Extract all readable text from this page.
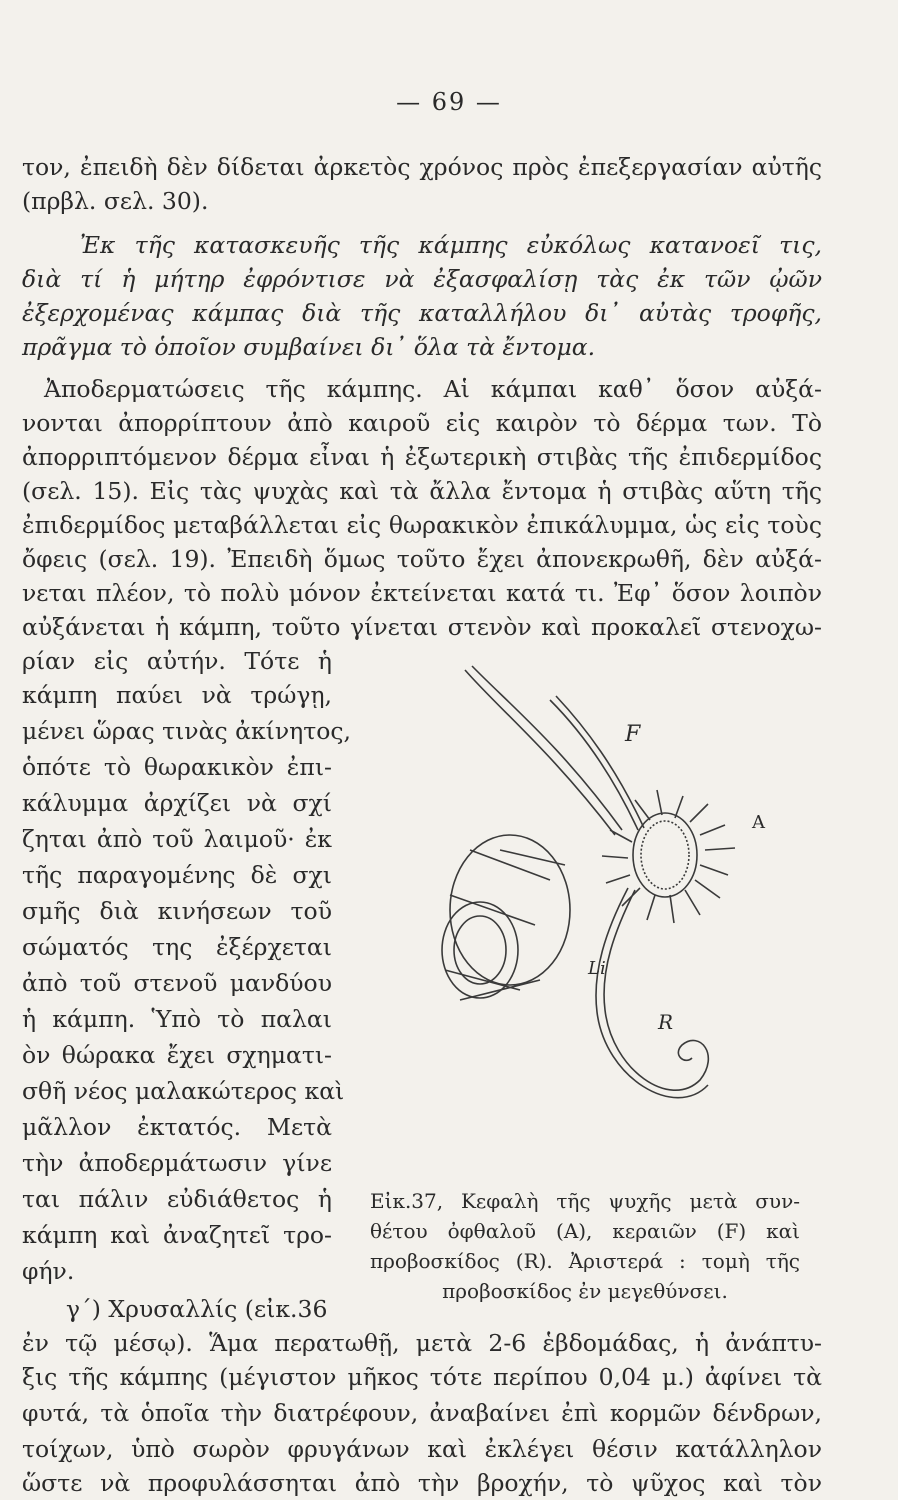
— 69 —
τον, ἐπειδὴ δὲν δίδεται ἀρκετὸς χρόνος πρὸς ἐπεξεργασίαν αὐτῆς
(πρβλ. σελ. 30).
Ἐκ τῆς κατασκευῆς τῆς κάμπης εὐκόλως κατανοεῖ τις,
διὰ τί ἡ μήτηρ ἐφρόντισε νὰ ἐξασφαλίσῃ τὰς ἐκ τῶν ᾠῶν
ἐξερχομένας κάμπας διὰ τῆς καταλλήλου δι᾽ αὐτὰς τροφῆς,
πρᾶγμα τὸ ὁποῖον συμβαίνει δι᾽ ὅλα τὰ ἔντομα.
Ἀποδερματώσεις τῆς κάμπης. Αἱ κάμπαι καθ᾽ ὅσον αὐξά-
νονται ἀπορρίπτουν ἀπὸ καιροῦ εἰς καιρὸν τὸ δέρμα των. Τὸ
ἀπορριπτόμενον δέρμα εἶναι ἡ ἐξωτερικὴ στιβὰς τῆς ἐπιδερμίδος
(σελ. 15). Εἰς τὰς ψυχὰς καὶ τὰ ἄλλα ἔντομα ἡ στιβὰς αὕτη τῆς
ἐπιδερμίδος μεταβάλλεται εἰς θωρακικὸν ἐπικάλυμμα, ὡς εἰς τοὺς
ὄφεις (σελ. 19). Ἐπειδὴ ὅμως τοῦτο ἔχει ἀπονεκρωθῆ, δὲν αὐξά-
νεται πλέον, τὸ πολὺ μόνον ἐκτείνεται κατά τι. Ἐφ᾽ ὅσον λοιπὸν
αὐξάνεται ἡ κάμπη, τοῦτο γίνεται στενὸν καὶ προκαλεῖ στενοχω-
ρίαν εἰς αὐτήν. Τότε ἡ
κάμπη παύει νὰ τρώγῃ,
μένει ὥρας τινὰς ἀκίνητος,
ὁπότε τὸ θωρακικὸν ἐπι-
κάλυμμα ἀρχίζει νὰ σχί
ζηται ἀπὸ τοῦ λαιμοῦ· ἐκ
τῆς παραγομένης δὲ σχι
σμῆς διὰ κινήσεων τοῦ
σώματός της ἐξέρχεται
ἀπὸ τοῦ στενοῦ μανδύου
ἡ κάμπη. Ὑπὸ τὸ παλαι
ὸν θώρακα ἔχει σχηματι-
σθῆ νέος μαλακώτερος καὶ
μᾶλλον ἐκτατός. Μετὰ
τὴν ἀποδερμάτωσιν γίνε
ται πάλιν εὐδιάθετος ἡ
κάμπη καὶ ἀναζητεῖ τρο-
φήν.
γ΄) Χρυσαλλίς (εἰκ.36
ἐν τῷ μέσῳ). Ἅμα περατωθῇ, μετὰ 2-6 ἑβδομάδας, ἡ ἀνάπτυ-
ξις τῆς κάμπης (μέγιστον μῆκος τότε περίπου 0,04 μ.) ἀφίνει τὰ
φυτά, τὰ ὁποῖα τὴν διατρέφουν, ἀναβαίνει ἐπὶ κορμῶν δένδρων,
τοίχων, ὑπὸ σωρὸν φρυγάνων καὶ ἐκλέγει θέσιν κατάλληλον
ὥστε νὰ προφυλάσσηται ἀπὸ τὴν βροχήν, τὸ ψῦχος καὶ τὸν
Εἰκ.37, Κεφαλὴ τῆς ψυχῆς μετὰ συν-
θέτου ὀφθαλοῦ (A), κεραιῶν (F) καὶ
προβοσκίδος (R). Ἀριστερά : τομὴ τῆς
προβοσκίδος ἐν μεγεθύνσει.
F
A
Li
R
